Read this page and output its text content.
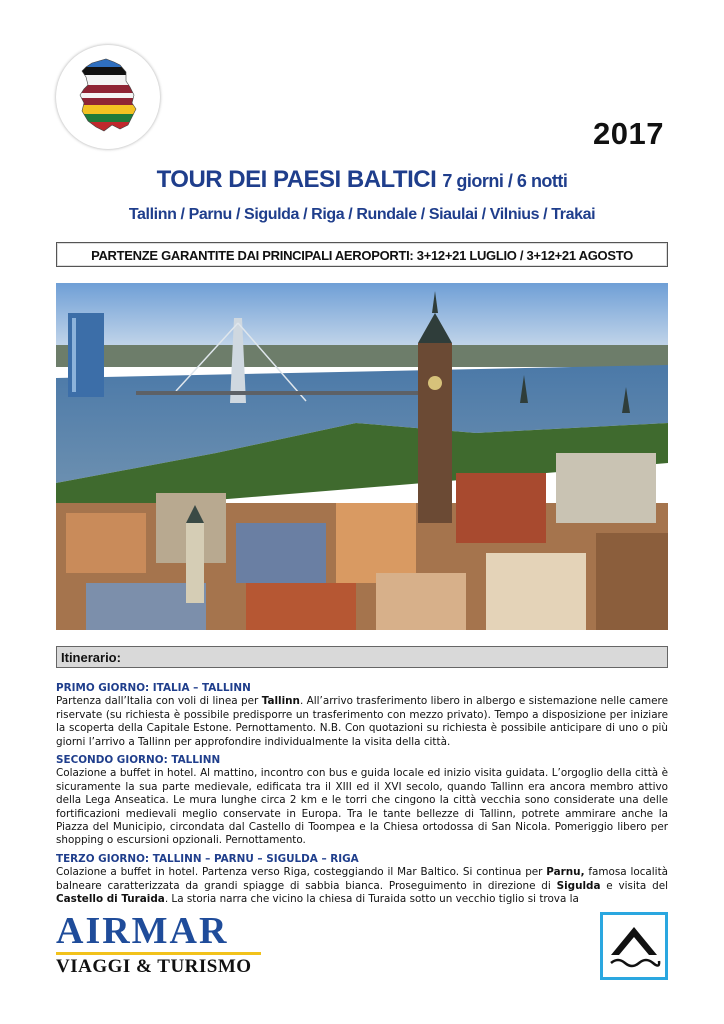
2017
TOUR DEI PAESI BALTICI 7 giorni / 6 notti
Tallinn / Parnu / Sigulda / Riga / Rundale / Siaulai / Vilnius / Trakai
PARTENZE GARANTITE DAI PRINCIPALI AEROPORTI: 3+12+21 LUGLIO / 3+12+21 AGOSTO
Itinerario:
PRIMO GIORNO: ITALIA – TALLINN
Partenza dall’Italia con voli di linea per Tallinn. All’arrivo trasferimento libero in albergo e sistemazione nelle camere riservate (su richiesta è possibile predisporre un trasferimento con mezzo privato). Tempo a disposizione per iniziare la scoperta della Capitale Estone. Pernottamento. N.B. Con quotazioni su richiesta è possibile anticipare di uno o più giorni l’arrivo a Tallinn per approfondire individualmente la visita della città.
SECONDO GIORNO: TALLINN
Colazione a buffet in hotel. Al mattino, incontro con bus e guida locale ed inizio visita guidata. L’orgoglio della città è sicuramente la sua parte medievale, edificata tra il XIII ed il XVI secolo, quando Tallinn era ancora membro attivo della Lega Anseatica. Le mura lunghe circa 2 km e le torri che cingono la città vecchia sono considerate una delle fortificazioni medievali meglio conservate in Europa. Tra le tante bellezze di Tallinn, potrete ammirare anche la Piazza del Municipio, circondata dal Castello di Toompea e la Chiesa ortodossa di San Nicola. Pomeriggio libero per shopping o escursioni opzionali. Pernottamento.
TERZO GIORNO: TALLINN – PARNU – SIGULDA – RIGA
Colazione a buffet in hotel. Partenza verso Riga, costeggiando il Mar Baltico. Si continua per Parnu, famosa località balneare caratterizzata da grandi spiagge di sabbia bianca. Proseguimento in direzione di Sigulda e visita del Castello di Turaida. La storia narra che vicino la chiesa di Turaida sotto un vecchio tiglio si trova la
AIRMAR
VIAGGI & TURISMO
